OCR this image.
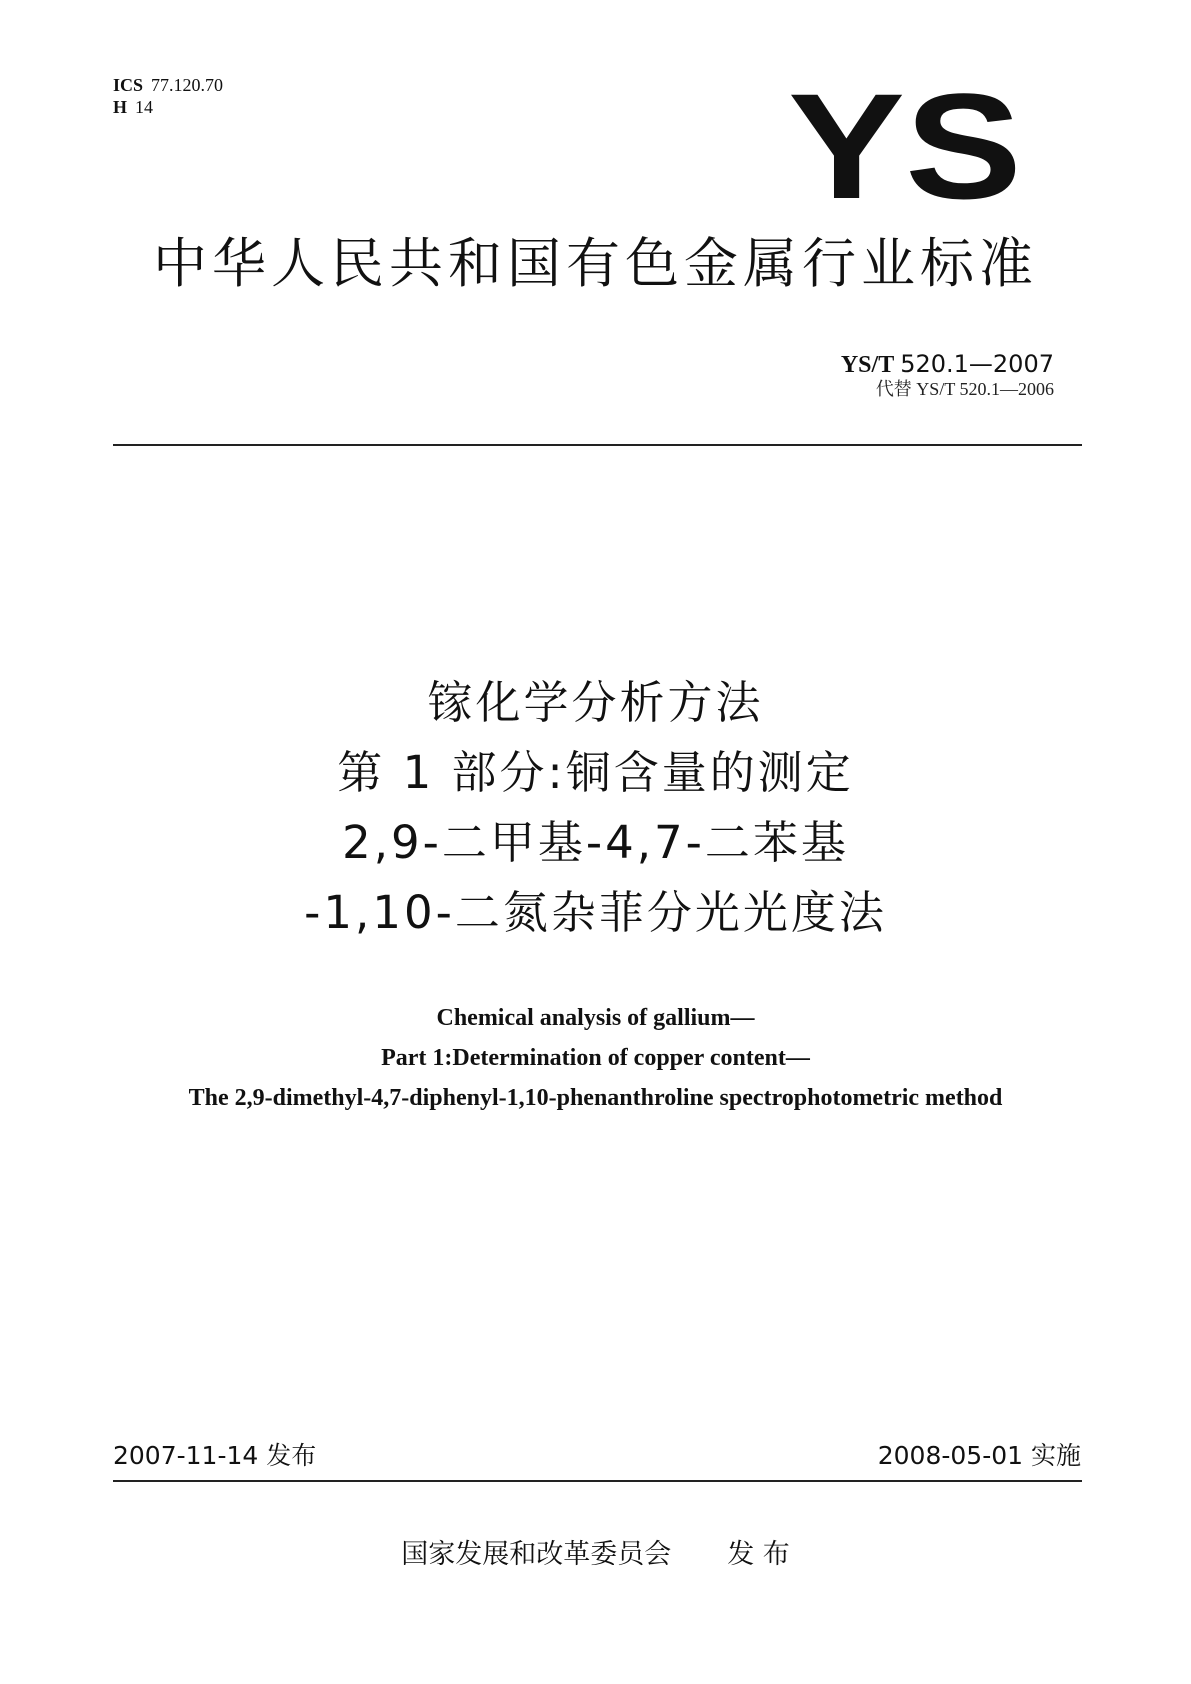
ICS 77.120.70
H 14	YS
中华人民共和国有色金属行业标准
YS/T 520.1—2007
代替 YS/T 520.1—2006
镓化学分析方法
第 1 部分:铜含量的测定
2,9-二甲基-4,7-二苯基
-1,10-二氮杂菲分光光度法
Chemical analysis of gallium—
Part 1:Determination of copper content—
The 2,9-dimethyl-4,7-diphenyl-1,10-phenanthroline spectrophotometric method
2007-11-14 发布	2008-05-01 实施
国家发展和改革委员会 发 布
